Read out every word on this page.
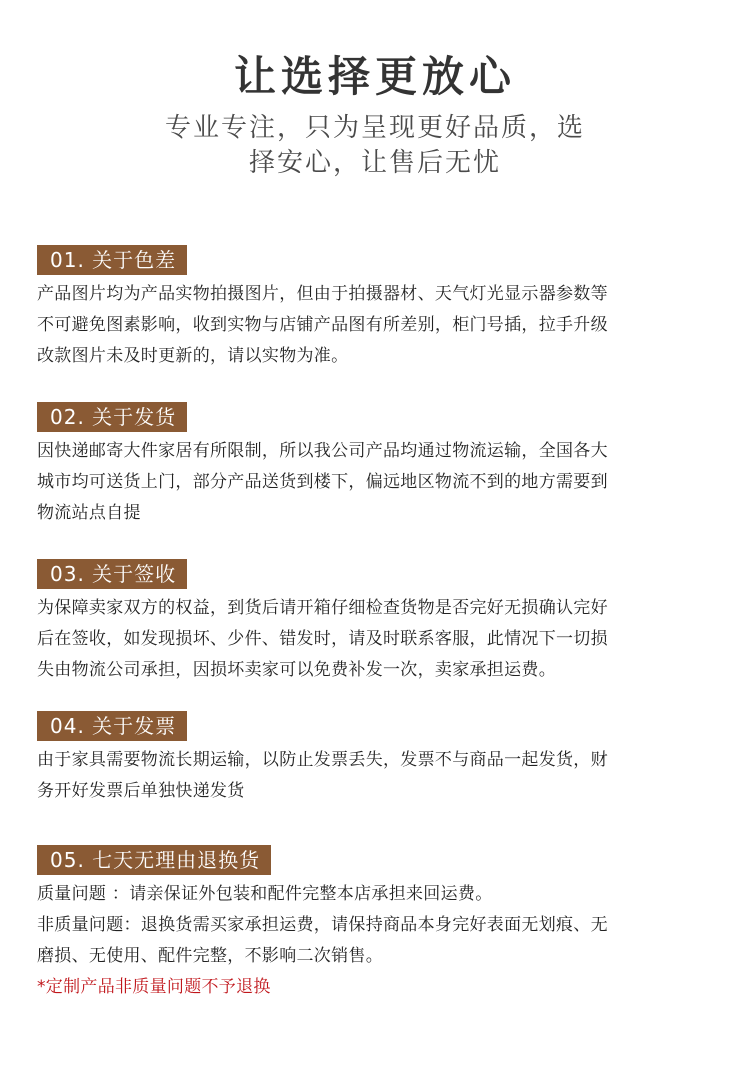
让选择更放心
专业专注，只为呈现更好品质，选
择安心，让售后无忧
01. 关于色差
产品图片均为产品实物拍摄图片，但由于拍摄器材、天气灯光显示器参数等
不可避免图素影响，收到实物与店铺产品图有所差别，柜门号插，拉手升级
改款图片未及时更新的，请以实物为准。
02. 关于发货
因快递邮寄大件家居有所限制，所以我公司产品均通过物流运输，全国各大
城市均可送货上门，部分产品送货到楼下，偏远地区物流不到的地方需要到
物流站点自提
03. 关于签收
为保障卖家双方的权益，到货后请开箱仔细检查货物是否完好无损确认完好
后在签收，如发现损坏、少件、错发时，请及时联系客服，此情况下一切损
失由物流公司承担，因损坏卖家可以免费补发一次，卖家承担运费。
04. 关于发票
由于家具需要物流长期运输，以防止发票丢失，发票不与商品一起发货，财
务开好发票后单独快递发货
05. 七天无理由退换货
质量问题 ：请亲保证外包装和配件完整本店承担来回运费。
非质量问题：退换货需买家承担运费，请保持商品本身完好表面无划痕、无
磨损、无使用、配件完整，不影响二次销售。
*定制产品非质量问题不予退换
